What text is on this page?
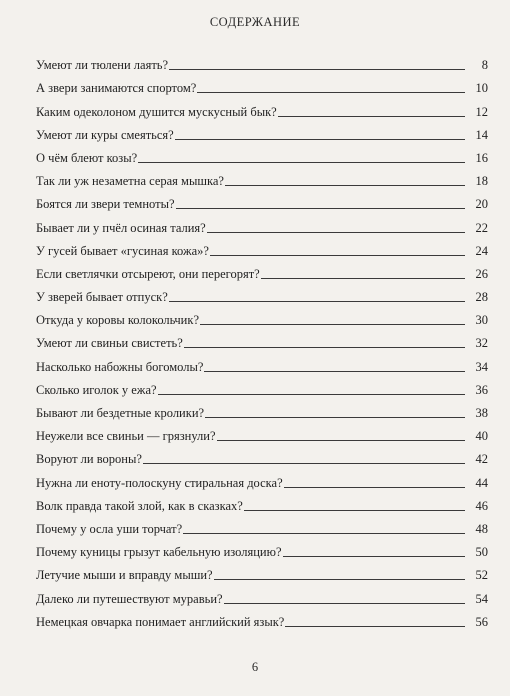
СОДЕРЖАНИЕ
Умеют ли тюлени лаять?	8
А звери занимаются спортом?	10
Каким одеколоном душится мускусный бык?	12
Умеют ли куры смеяться?	14
О чём блеют козы?	16
Так ли уж незаметна серая мышка?	18
Боятся ли звери темноты?	20
Бывает ли у пчёл осиная талия?	22
У гусей бывает «гусиная кожа»?	24
Если светлячки отсыреют, они перегорят?	26
У зверей бывает отпуск?	28
Откуда у коровы колокольчик?	30
Умеют ли свиньи свистеть?	32
Насколько набожны богомолы?	34
Сколько иголок у ежа?	36
Бывают ли бездетные кролики?	38
Неужели все свиньи — грязнули?	40
Воруют ли вороны?	42
Нужна ли еноту-полоскуну стиральная доска?	44
Волк правда такой злой, как в сказках?	46
Почему у осла уши торчат?	48
Почему куницы грызут кабельную изоляцию?	50
Летучие мыши и вправду мыши?	52
Далеко ли путешествуют муравьи?	54
Немецкая овчарка понимает английский язык?	56
6
